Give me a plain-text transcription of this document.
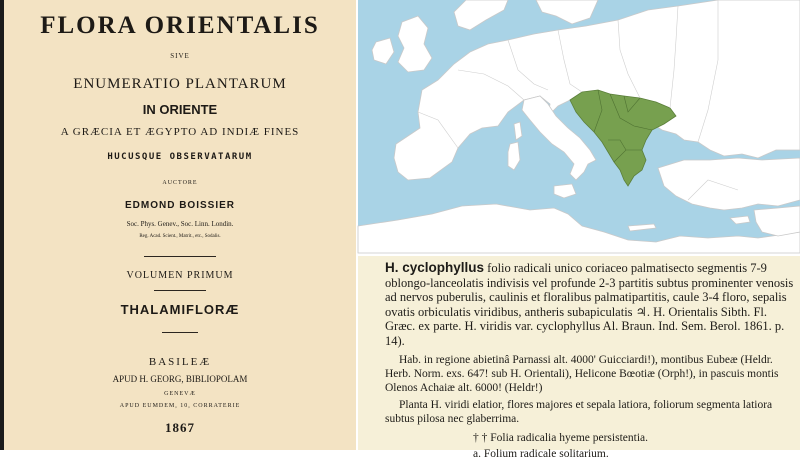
FLORA ORIENTALIS

SIVE

ENUMERATIO PLANTARUM

IN ORIENTE

A GRÆCIA ET ÆGYPTO AD INDIÆ FINES

HUCUSQUE OBSERVATARUM

AUCTORE

EDMOND BOISSIER

Soc. Phys. Genev., Soc. Linn. Londin.

Reg. Acad. Scient., Matrit., etc., Sodalis.

VOLUMEN PRIMUM

THALAMIFLORÆ

BASILEÆ

APUD H. GEORG, BIBLIOPOLAM

GENEVÆ

APUD EUMDEM, 10, CORRATERIE

1867

H. cyclophyllus folio radicali unico coriaceo palmatisecto segmentis 7-9 oblongo-lanceolatis indivisis vel profunde 2-3 partitis subtus prominenter venosis ad nervos puberulis, caulinis et floralibus palmatipartitis, caule 3-4 floro, sepalis ovatis orbiculatis viridibus, antheris subapiculatis ♃. H. Orientalis Sibth. Fl. Græc. ex parte. H. viridis var. cyclophyllus Al. Braun. Ind. Sem. Berol. 1861. p. 14).

Hab. in regione abietinâ Parnassi alt. 4000' Guicciardi!), montibus Eubeæ (Heldr. Herb. Norm. exs. 647! sub H. Orientali), Helicone Bœotiæ (Orph!), in pascuis montis Olenos Achaiæ alt. 6000! (Heldr!)

Planta H. viridi elatior, flores majores et sepala latiora, foliorum segmenta latiora subtus pilosa nec glaberrima.

† † Folia radicalia hyeme persistentia.

a. Folium radicale solitarium.
